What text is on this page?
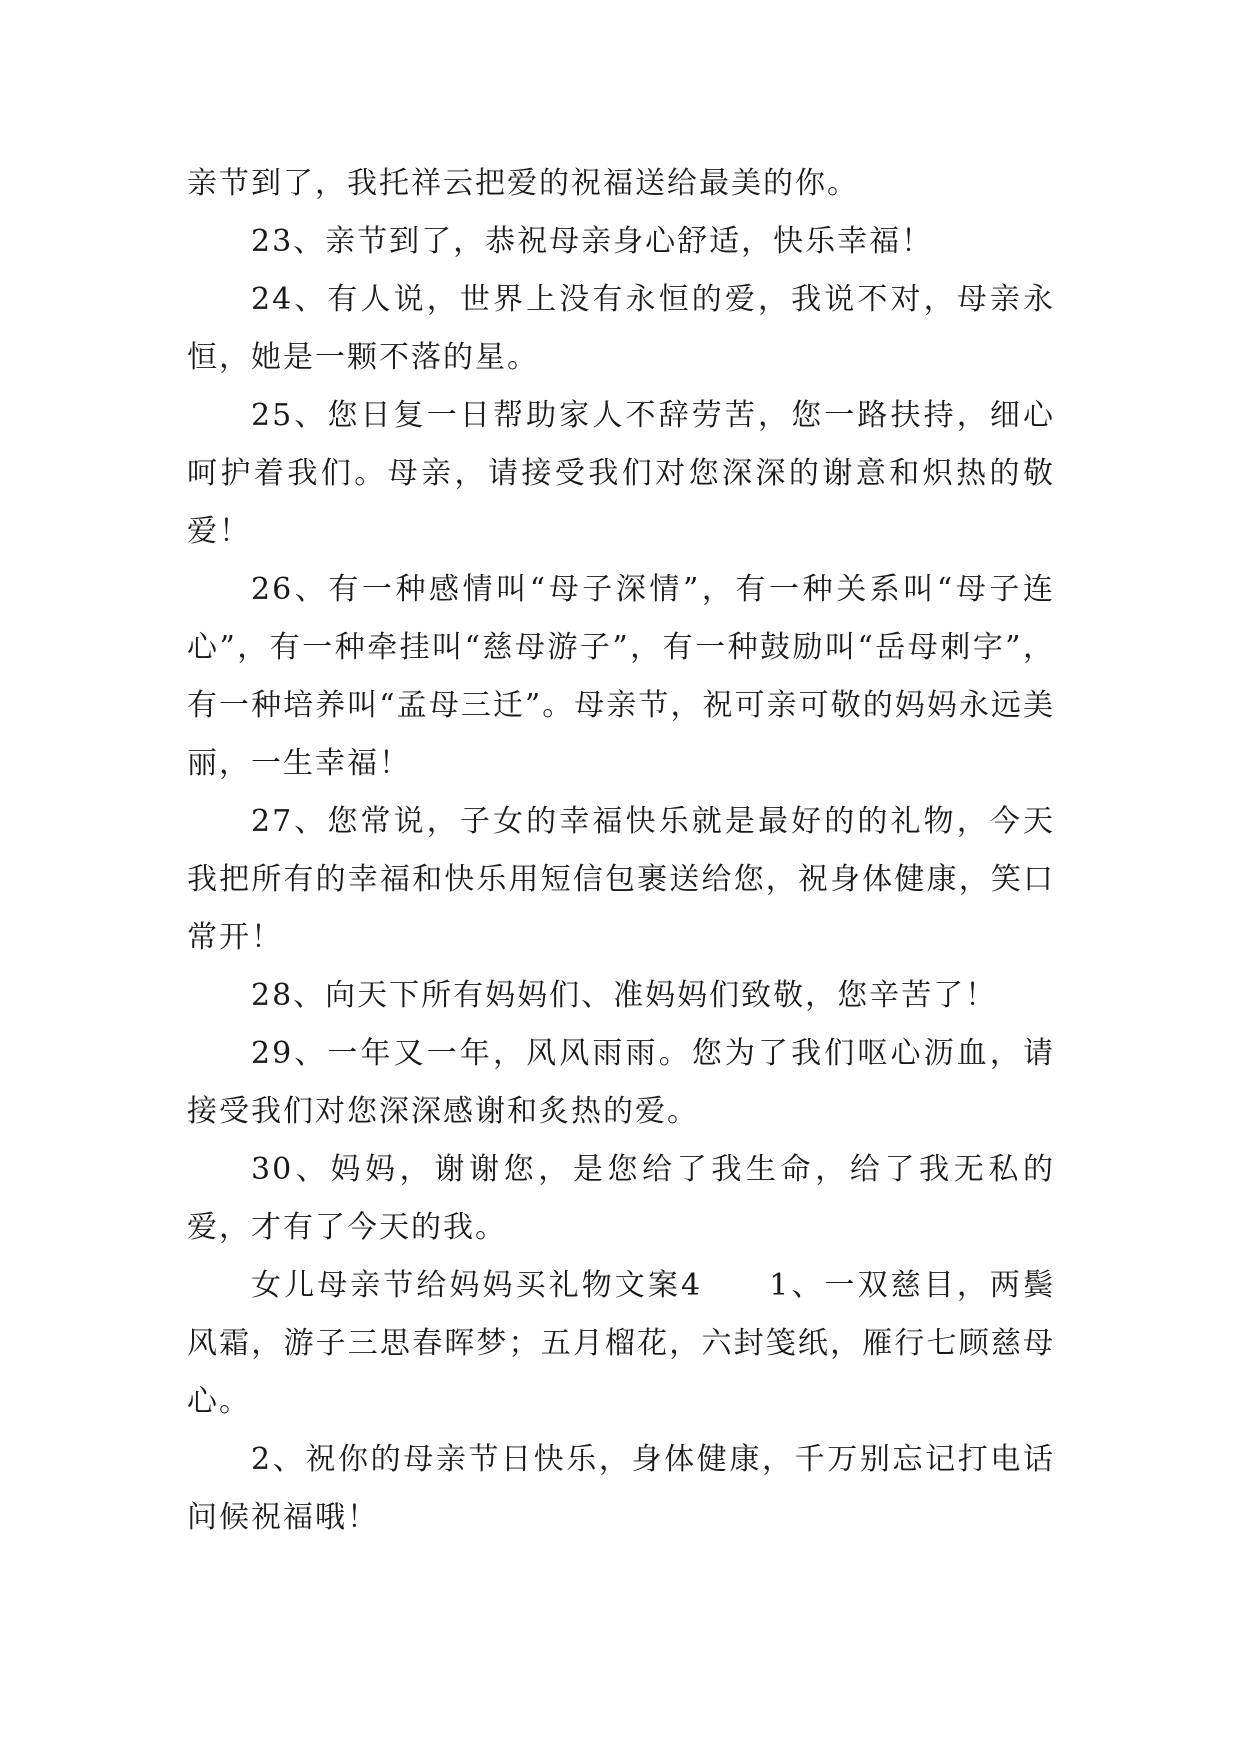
亲节到了，我托祥云把爱的祝福送给最美的你。

23、亲节到了，恭祝母亲身心舒适，快乐幸福！

24、有人说，世界上没有永恒的爱，我说不对，母亲永恒，她是一颗不落的星。

25、您日复一日帮助家人不辞劳苦，您一路扶持，细心呵护着我们。母亲，请接受我们对您深深的谢意和炽热的敬爱！

26、有一种感情叫“母子深情”，有一种关系叫“母子连心”，有一种牵挂叫“慈母游子”，有一种鼓励叫“岳母刺字”，有一种培养叫“孟母三迁”。母亲节，祝可亲可敬的妈妈永远美丽，一生幸福！

27、您常说，子女的幸福快乐就是最好的的礼物，今天我把所有的幸福和快乐用短信包裹送给您，祝身体健康，笑口常开！

28、向天下所有妈妈们、准妈妈们致敬，您辛苦了！

29、一年又一年，风风雨雨。您为了我们呕心沥血，请接受我们对您深深感谢和炙热的爱。

30、妈妈，谢谢您，是您给了我生命，给了我无私的爱，才有了今天的我。

女儿母亲节给妈妈买礼物文案4　　1、一双慈目，两鬓风霜，游子三思春晖梦；五月榴花，六封笺纸，雁行七顾慈母心。

2、祝你的母亲节日快乐，身体健康，千万别忘记打电话问候祝福哦！
